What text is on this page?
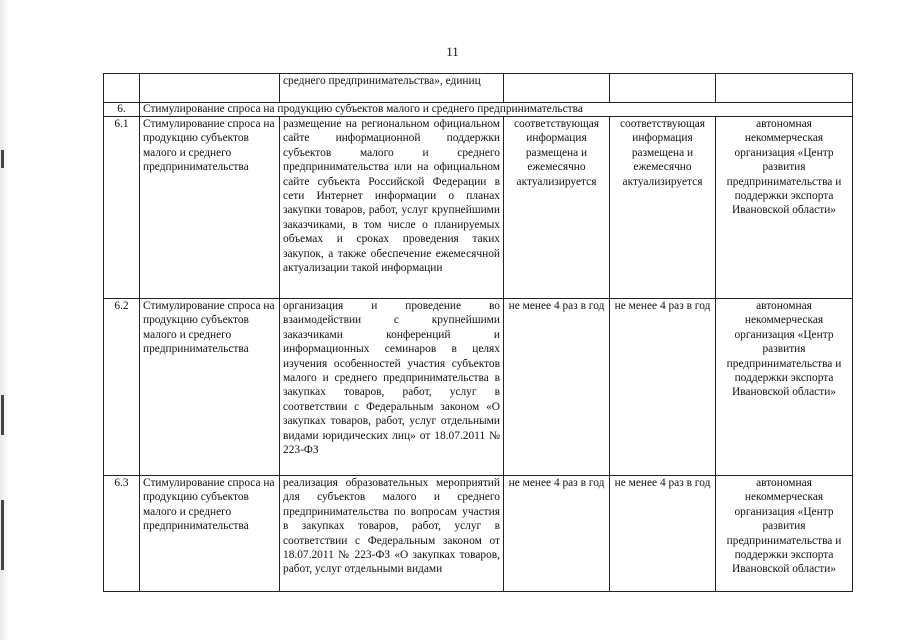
11
		среднего предпринимательства», единиц			
6.	Стимулирование спроса на продукцию субъектов малого и среднего предпринимательства				
6.1	Стимулирование спроса на продукцию субъектов малого и среднего предпринимательства	размещение на региональном официальном сайте информационной поддержки субъектов малого и среднего предпринимательства или на официальном сайте субъекта Российской Федерации в сети Интернет информации о планах закупки товаров, работ, услуг крупнейшими заказчиками, в том числе о планируемых объемах и сроках проведения таких закупок, а также обеспечение ежемесячной актуализации такой информации	соответствующая информация размещена и ежемесячно актуализируется	соответствующая информация размещена и ежемесячно актуализируется	автономная некоммерческая организация «Центр развития предпринимательства и поддержки экспорта Ивановской области»
6.2	Стимулирование спроса на продукцию субъектов малого и среднего предпринимательства	организация и проведение во взаимодействии с крупнейшими заказчиками конференций и информационных семинаров в целях изучения особенностей участия субъектов малого и среднего предпринимательства в закупках товаров, работ, услуг в соответствии с Федеральным законом «О закупках товаров, работ, услуг отдельными видами юридических лиц» от 18.07.2011 № 223-ФЗ	не менее 4 раз в год	не менее 4 раз в год	автономная некоммерческая организация «Центр развития предпринимательства и поддержки экспорта Ивановской области»
6.3	Стимулирование спроса на продукцию субъектов малого и среднего предпринимательства	реализация образовательных мероприятий для субъектов малого и среднего предпринимательства по вопросам участия в закупках товаров, работ, услуг в соответствии с Федеральным законом от 18.07.2011 № 223-ФЗ «О закупках товаров, работ, услуг отдельными видами	не менее 4 раз в год	не менее 4 раз в год	автономная некоммерческая организация «Центр развития предпринимательства и поддержки экспорта Ивановской области»
